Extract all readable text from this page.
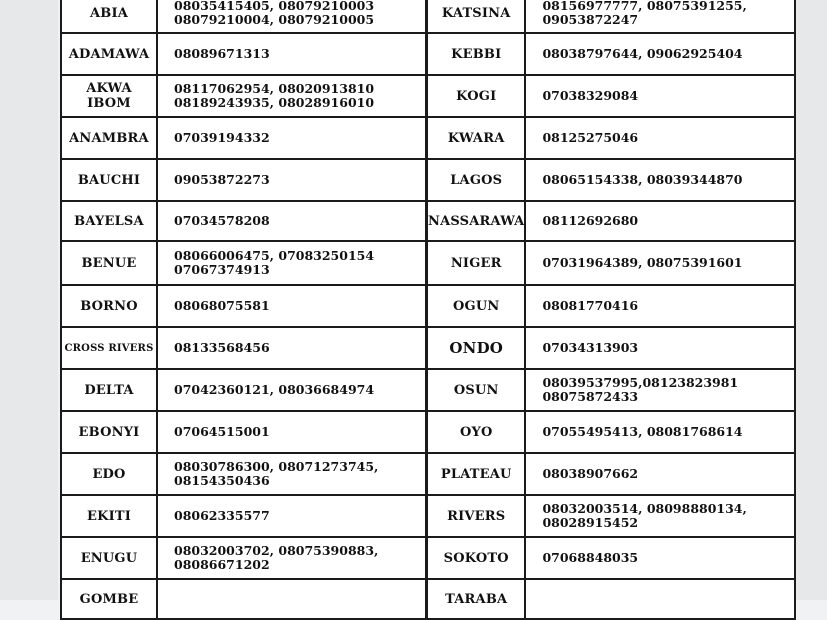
ABIA	08035415405, 08079210003
08079210004, 08079210005
ADAMAWA	08089671313
AKWA IBOM	08117062954, 08020913810
08189243935, 08028916010
ANAMBRA	07039194332
BAUCHI	09053872273
BAYELSA	07034578208
BENUE	08066006475, 07083250154
07067374913
BORNO	08068075581
CROSS RIVERS	08133568456
DELTA	07042360121, 08036684974
EBONYI	07064515001
EDO	08030786300, 08071273745,
08154350436
EKITI	08062335577
ENUGU	08032003702, 08075390883,
08086671202
GOMBE	
KATSINA	08156977777, 08075391255,
09053872247
KEBBI	08038797644, 09062925404
KOGI	07038329084
KWARA	08125275046
LAGOS	08065154338, 08039344870
NASSARAWA	08112692680
NIGER	07031964389, 08075391601
OGUN	08081770416
ONDO	07034313903
OSUN	08039537995,08123823981
08075872433
OYO	07055495413, 08081768614
PLATEAU	08038907662
RIVERS	08032003514, 08098880134,
08028915452
SOKOTO	07068848035
TARABA	
